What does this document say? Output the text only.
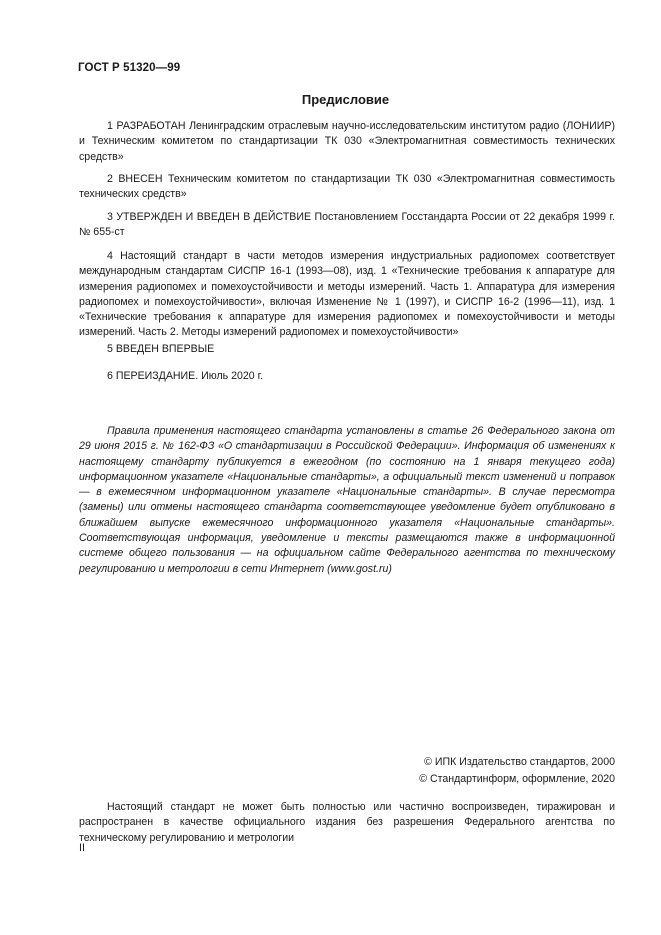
ГОСТ Р 51320—99
Предисловие

1 РАЗРАБОТАН Ленинградским отраслевым научно-исследовательским институтом радио (ЛОНИИР) и Техническим комитетом по стандартизации ТК 030 «Электромагнитная совместимость технических средств»

2 ВНЕСЕН Техническим комитетом по стандартизации ТК 030 «Электромагнитная совместимость технических средств»

3 УТВЕРЖДЕН И ВВЕДЕН В ДЕЙСТВИЕ Постановлением Госстандарта России от 22 декабря 1999 г. № 655-ст

4 Настоящий стандарт в части методов измерения индустриальных радиопомех соответствует международным стандартам СИСПР 16-1 (1993—08), изд. 1 «Технические требования к аппаратуре для измерения радиопомех и помехоустойчивости и методы измерений. Часть 1. Аппаратура для измерения радиопомех и помехоустойчивости», включая Изменение № 1 (1997), и СИСПР 16-2 (1996—11), изд. 1 «Технические требования к аппаратуре для измерения радиопомех и помехоустойчивости и методы измерений. Часть 2. Методы измерений радиопомех и помехоустойчивости»

5 ВВЕДЕН ВПЕРВЫЕ

6 ПЕРЕИЗДАНИЕ. Июль 2020 г.

Правила применения настоящего стандарта установлены в статье 26 Федерального закона от 29 июня 2015 г. № 162-ФЗ «О стандартизации в Российской Федерации». Информация об изменениях к настоящему стандарту публикуется в ежегодном (по состоянию на 1 января текущего года) информационном указателе «Национальные стандарты», а официальный текст изменений и поправок — в ежемесячном информационном указателе «Национальные стандарты». В случае пересмотра (замены) или отмены настоящего стандарта соответствующее уведомление будет опубликовано в ближайшем выпуске ежемесячного информационного указателя «Национальные стандарты». Соответствующая информация, уведомление и тексты размещаются также в информационной системе общего пользования — на официальном сайте Федерального агентства по техническому регулированию и метрологии в сети Интернет (www.gost.ru)

© ИПК Издательство стандартов, 2000
© Стандартинформ, оформление, 2020

Настоящий стандарт не может быть полностью или частично воспроизведен, тиражирован и распространен в качестве официального издания без разрешения Федерального агентства по техническому регулированию и метрологии

II
